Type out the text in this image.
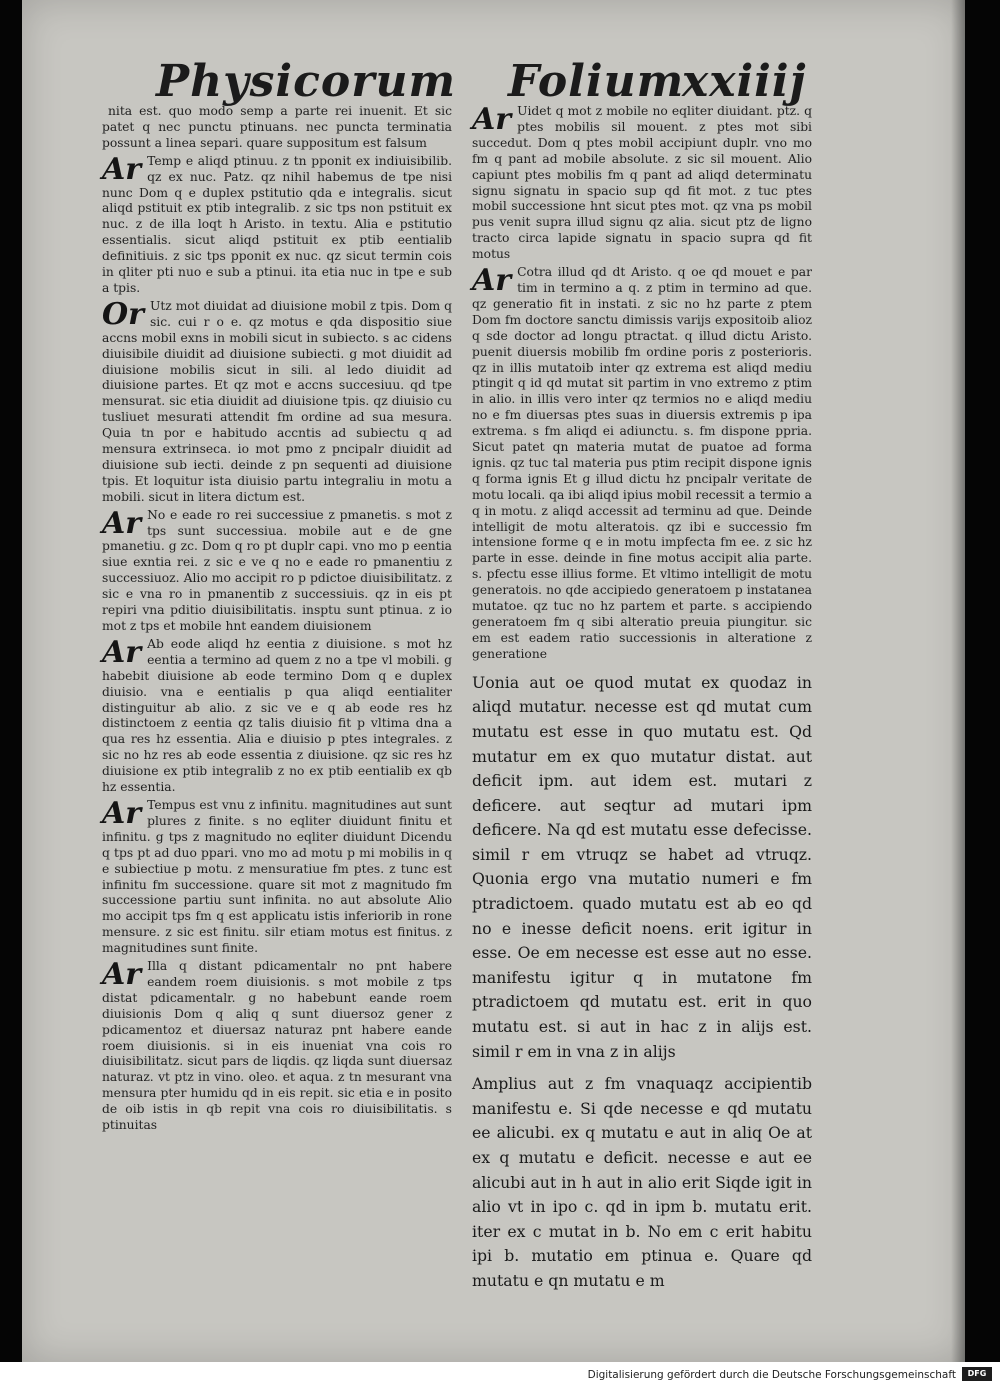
Physicorum Folium
xxiiij

nita est. quo modo semp a parte rei inuenit. Et sic patet q nec punctu ptinuans. nec puncta terminatia possunt a linea separi. quare suppositum est falsum

Ar Temp e aliqd ptinuu. z tn pponit ex indiuisibilib. qz ex nuc. Patz. qz nihil habemus de tpe nisi nunc Dom q e duplex pstitutio qda e integralis. sicut aliqd pstituit ex ptib integralib. z sic tps non pstituit ex nuc. z de illa loqt h Aristo. in textu. Alia e pstitutio essentialis. sicut aliqd pstituit ex ptib eentialib definitiuis. z sic tps pponit ex nuc. qz sicut termin cois in qliter pti nuo e sub a ptinui. ita etia nuc in tpe e sub a tpis.

Or Utz mot diuidat ad diuisione mobil z tpis. Dom q sic. cui r o e. qz motus e qda dispositio siue accns mobil exns in mobili sicut in subiecto. s ac cidens diuisibile diuidit ad diuisione subiecti. g mot diuidit ad diuisione mobilis sicut in sili. al ledo diuidit ad diuisione partes. Et qz mot e accns succesiuu. qd tpe mensurat. sic etia diuidit ad diuisione tpis. qz diuisio cu tusliuet mesurati attendit fm ordine ad sua mesura. Quia tn por e habitudo accntis ad subiectu q ad mensura extrinseca. io mot pmo z pncipalr diuidit ad diuisione sub iecti. deinde z pn sequenti ad diuisione tpis. Et loquitur ista diuisio partu integraliu in motu a mobili. sicut in litera dictum est.

Ar No e eade ro rei successiue z pmanetis. s mot z tps sunt successiua. mobile aut e de gne pmanetiu. g zc. Dom q ro pt duplr capi. vno mo p eentia siue exntia rei. z sic e ve q no e eade ro pmanentiu z successiuoz. Alio mo accipit ro p pdictoe diuisibilitatz. z sic e vna ro in pmanentib z successiuis. qz in eis pt repiri vna pditio diuisibilitatis. insptu sunt ptinua. z io mot z tps et mobile hnt eandem diuisionem

Ar Ab eode aliqd hz eentia z diuisione. s mot hz eentia a termino ad quem z no a tpe vl mobili. g habebit diuisione ab eode termino Dom q e duplex diuisio. vna e eentialis p qua aliqd eentialiter distinguitur ab alio. z sic ve e q ab eode res hz distinctoem z eentia qz talis diuisio fit p vltima dna a qua res hz essentia. Alia e diuisio p ptes integrales. z sic no hz res ab eode essentia z diuisione. qz sic res hz diuisione ex ptib integralib z no ex ptib eentialib ex qb hz essentia.

Ar Tempus est vnu z infinitu. magnitudines aut sunt plures z finite. s no eqliter diuidunt finitu et infinitu. g tps z magnitudo no eqliter diuidunt Dicendu q tps pt ad duo ppari. vno mo ad motu p mi mobilis in q e subiectiue p motu. z mensuratiue fm ptes. z tunc est infinitu fm successione. quare sit mot z magnitudo fm successione partiu sunt infinita. no aut absolute Alio mo accipit tps fm q est applicatu istis inferiorib in rone mensure. z sic est finitu. silr etiam motus est finitus. z magnitudines sunt finite.

Ar Illa q distant pdicamentalr no pnt habere eandem roem diuisionis. s mot mobile z tps distat pdicamentalr. g no habebunt eande roem diuisionis Dom q aliq q sunt diuersoz gener z pdicamentoz et diuersaz naturaz pnt habere eande roem diuisionis. si in eis inueniat vna cois ro diuisibilitatz. sicut pars de liqdis. qz liqda sunt diuersaz naturaz. vt ptz in vino. oleo. et aqua. z tn mesurant vna mensura pter humidu qd in eis repit. sic etia e in posito de oib istis in qb repit vna cois ro diuisibilitatis. s ptinuitas

Ar Uidet q mot z mobile no eqliter diuidant. ptz. q ptes mobilis sil mouent. z ptes mot sibi succedut. Dom q ptes mobil accipiunt duplr. vno mo fm q pant ad mobile absolute. z sic sil mouent. Alio capiunt ptes mobilis fm q pant ad aliqd determinatu signu signatu in spacio sup qd fit mot. z tuc ptes mobil successione hnt sicut ptes mot. qz vna ps mobil pus venit supra illud signu qz alia. sicut ptz de ligno tracto circa lapide signatu in spacio supra qd fit motus

Ar Cotra illud qd dt Aristo. q oe qd mouet e par tim in termino a q. z ptim in termino ad que. qz generatio fit in instati. z sic no hz parte z ptem Dom fm doctore sanctu dimissis varijs expositoib alioz q sde doctor ad longu ptractat. q illud dictu Aristo. puenit diuersis mobilib fm ordine poris z posterioris. qz in illis mutatoib inter qz extrema est aliqd mediu ptingit q id qd mutat sit partim in vno extremo z ptim in alio. in illis vero inter qz termios no e aliqd mediu no e fm diuersas ptes suas in diuersis extremis p ipa extrema. s fm aliqd ei adiunctu. s. fm dispone ppria. Sicut patet qn materia mutat de puatoe ad forma ignis. qz tuc tal materia pus ptim recipit dispone ignis q forma ignis Et g illud dictu hz pncipalr veritate de motu locali. qa ibi aliqd ipius mobil recessit a termio a q in motu. z aliqd accessit ad terminu ad que. Deinde intelligit de motu alteratois. qz ibi e successio fm intensione forme q e in motu impfecta fm ee. z sic hz parte in esse. deinde in fine motus accipit alia parte. s. pfectu esse illius forme. Et vltimo intelligit de motu generatois. no qde accipiedo generatoem p instatanea mutatoe. qz tuc no hz partem et parte. s accipiendo generatoem fm q sibi alteratio preuia piungitur. sic em est eadem ratio successionis in alteratione z generatione

Uonia aut oe quod mutat ex quodaz in aliqd mutatur. necesse est qd mutat cum mutatu est esse in quo mutatu est. Qd mutatur em ex quo mutatur distat. aut deficit ipm. aut idem est. mutari z deficere. aut seqtur ad mutari ipm deficere. Na qd est mutatu esse defecisse. simil r em vtruqz se habet ad vtruqz. Quonia ergo vna mutatio numeri e fm ptradictoem. quado mutatu est ab eo qd no e inesse deficit noens. erit igitur in esse. Oe em necesse est esse aut no esse. manifestu igitur q in mutatone fm ptradictoem qd mutatu est. erit in quo mutatu est. si aut in hac z in alijs est. simil r em in vna z in alijs

Amplius aut z fm vnaquaqz accipientib manifestu e. Si qde necesse e qd mutatu ee alicubi. ex q mutatu e aut in aliq Oe at ex q mutatu e deficit. necesse e aut ee alicubi aut in h aut in alio erit Siqde igit in alio vt in ipo c. qd in ipm b. mutatu erit. iter ex c mutat in b. No em c erit habitu ipi b. mutatio em ptinua e. Quare qd mutatu e qn mutatu e m

Digitalisierung gefördert durch die Deutsche Forschungsgemeinschaft	DFG
